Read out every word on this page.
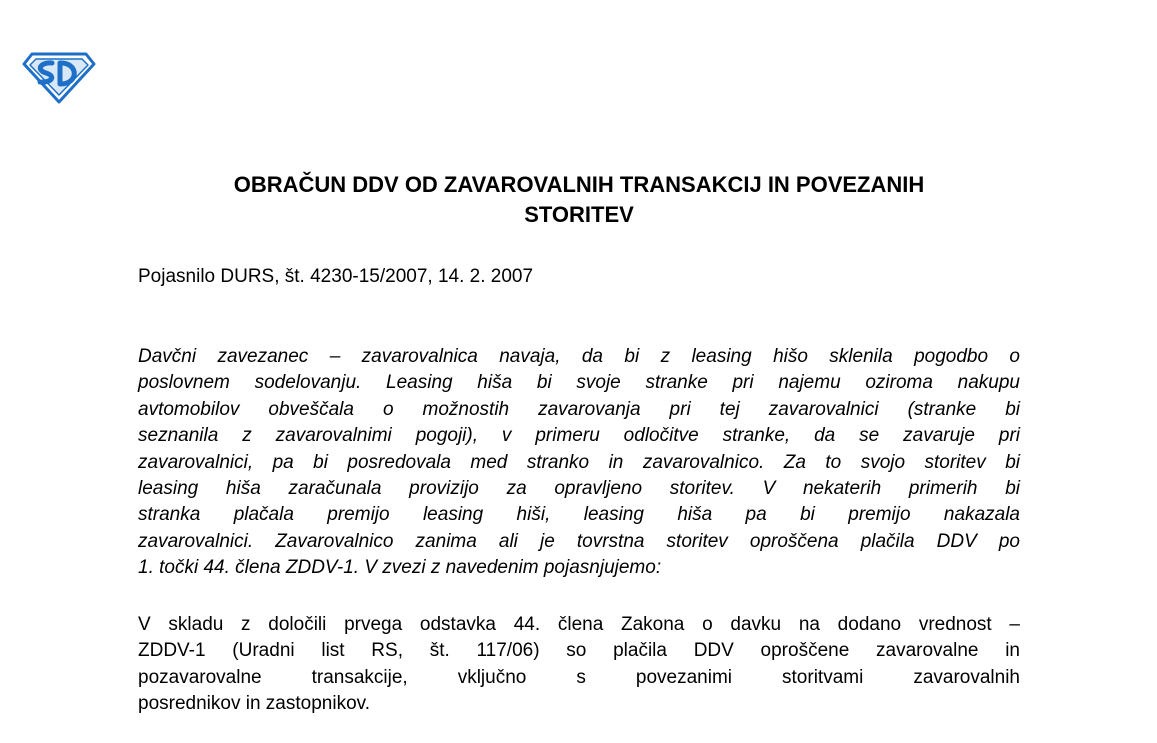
OBRAČUN DDV OD ZAVAROVALNIH TRANSAKCIJ IN POVEZANIH
STORITEV

Pojasnilo DURS, št. 4230-15/2007, 14. 2. 2007

Davčni zavezanec – zavarovalnica navaja, da bi z leasing hišo sklenila pogodbo o
poslovnem sodelovanju. Leasing hiša bi svoje stranke pri najemu oziroma nakupu
avtomobilov obveščala o možnostih zavarovanja pri tej zavarovalnici (stranke bi
seznanila z zavarovalnimi pogoji), v primeru odločitve stranke, da se zavaruje pri
zavarovalnici, pa bi posredovala med stranko in zavarovalnico. Za to svojo storitev bi
leasing hiša zaračunala provizijo za opravljeno storitev. V nekaterih primerih bi
stranka plačala premijo leasing hiši, leasing hiša pa bi premijo nakazala
zavarovalnici. Zavarovalnico zanima ali je tovrstna storitev oproščena plačila DDV po
1. točki 44. člena ZDDV-1. V zvezi z navedenim pojasnjujemo:
V skladu z določili prvega odstavka 44. člena Zakona o davku na dodano vrednost –
ZDDV-1 (Uradni list RS, št. 117/06) so plačila DDV oproščene zavarovalne in
pozavarovalne transakcije, vključno s povezanimi storitvami zavarovalnih
posrednikov in zastopnikov.
